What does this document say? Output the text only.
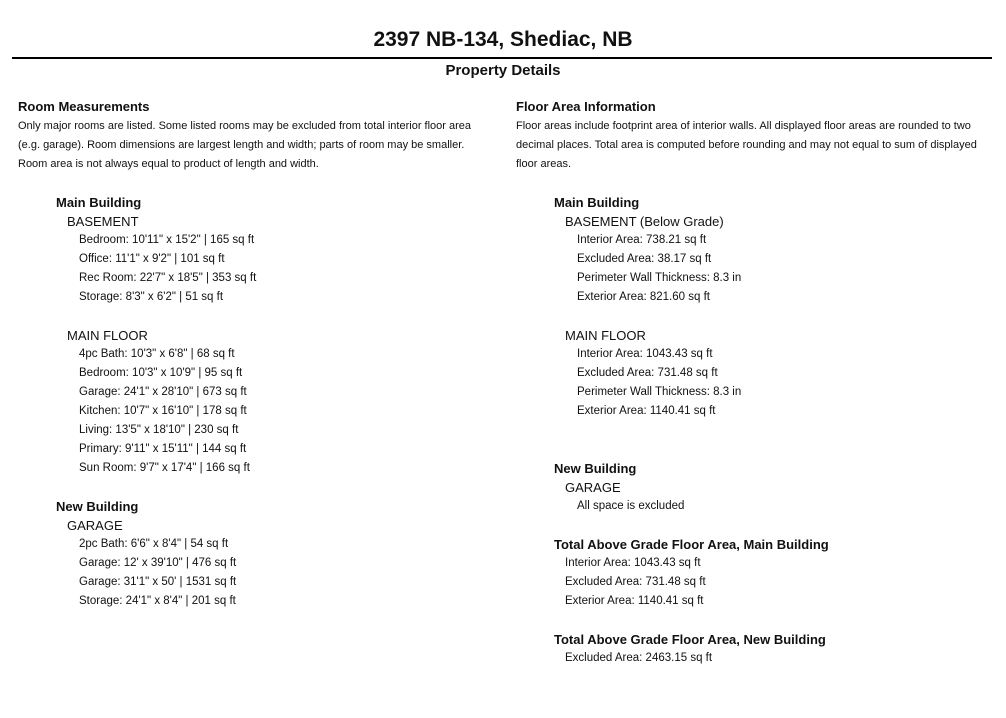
2397 NB-134, Shediac, NB
Property Details
Room Measurements
Only major rooms are listed. Some listed rooms may be excluded from total interior floor area (e.g. garage). Room dimensions are largest length and width; parts of room may be smaller. Room area is not always equal to product of length and width.
Main Building
BASEMENT
Bedroom: 10'11" x 15'2" | 165 sq ft
Office: 11'1" x 9'2" | 101 sq ft
Rec Room: 22'7" x 18'5" | 353 sq ft
Storage: 8'3" x 6'2" | 51 sq ft
MAIN FLOOR
4pc Bath: 10'3" x 6'8" | 68 sq ft
Bedroom: 10'3" x 10'9" | 95 sq ft
Garage: 24'1" x 28'10" | 673 sq ft
Kitchen: 10'7" x 16'10" | 178 sq ft
Living: 13'5" x 18'10" | 230 sq ft
Primary: 9'11" x 15'11" | 144 sq ft
Sun Room: 9'7" x 17'4" | 166 sq ft
New Building
GARAGE
2pc Bath: 6'6" x 8'4" | 54 sq ft
Garage: 12' x 39'10" | 476 sq ft
Garage: 31'1" x 50' | 1531 sq ft
Storage: 24'1" x 8'4" | 201 sq ft
Floor Area Information
Floor areas include footprint area of interior walls. All displayed floor areas are rounded to two decimal places. Total area is computed before rounding and may not equal to sum of displayed floor areas.
Main Building
BASEMENT (Below Grade)
Interior Area: 738.21 sq ft
Excluded Area: 38.17 sq ft
Perimeter Wall Thickness: 8.3 in
Exterior Area: 821.60 sq ft
MAIN FLOOR
Interior Area: 1043.43 sq ft
Excluded Area: 731.48 sq ft
Perimeter Wall Thickness: 8.3 in
Exterior Area: 1140.41 sq ft
New Building
GARAGE
All space is excluded
Total Above Grade Floor Area, Main Building
Interior Area: 1043.43 sq ft
Excluded Area: 731.48 sq ft
Exterior Area: 1140.41 sq ft
Total Above Grade Floor Area, New Building
Excluded Area: 2463.15 sq ft
